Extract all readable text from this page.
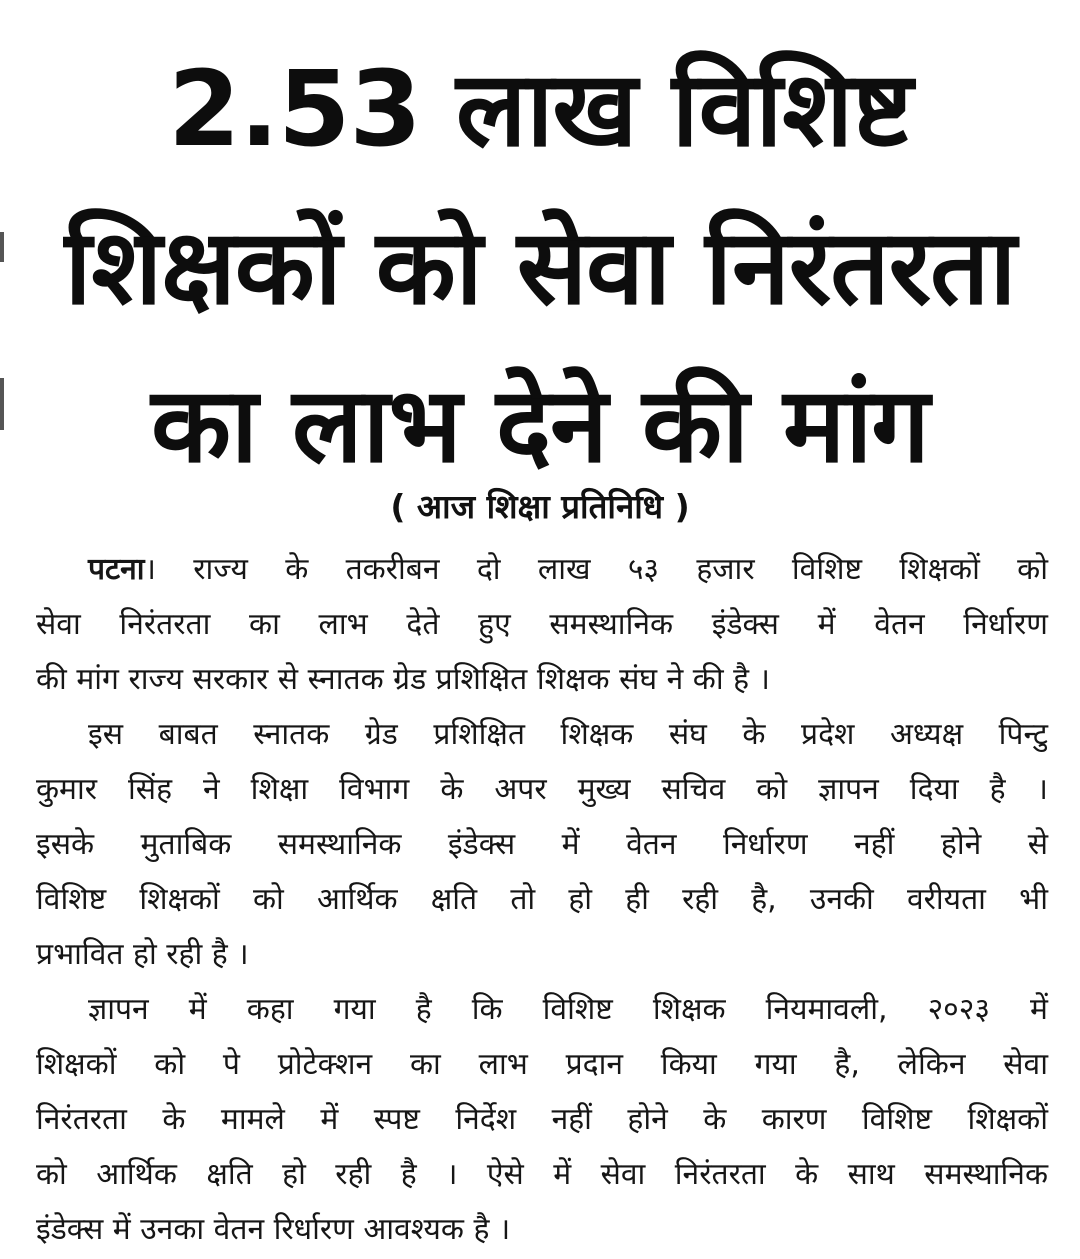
2.53 लाख विशिष्ट
शिक्षकों को सेवा निरंतरता
का लाभ देने की मांग
( आज शिक्षा प्रतिनिधि )
पटना। राज्य के तकरीबन दो लाख ५३ हजार विशिष्ट शिक्षकों को
सेवा निरंतरता का लाभ देते हुए समस्थानिक इंडेक्स में वेतन निर्धारण
की मांग राज्य सरकार से स्नातक ग्रेड प्रशिक्षित शिक्षक संघ ने की है ।
इस बाबत स्नातक ग्रेड प्रशिक्षित शिक्षक संघ के प्रदेश अध्यक्ष पिन्टु
कुमार सिंह ने शिक्षा विभाग के अपर मुख्य सचिव को ज्ञापन दिया है ।
इसके मुताबिक समस्थानिक इंडेक्स में वेतन निर्धारण नहीं होने से
विशिष्ट शिक्षकों को आर्थिक क्षति तो हो ही रही है, उनकी वरीयता भी
प्रभावित हो रही है ।
ज्ञापन में कहा गया है कि विशिष्ट शिक्षक नियमावली, २०२३ में
शिक्षकों को पे प्रोटेक्शन का लाभ प्रदान किया गया है, लेकिन सेवा
निरंतरता के मामले में स्पष्ट निर्देश नहीं होने के कारण विशिष्ट शिक्षकों
को आर्थिक क्षति हो रही है । ऐसे में सेवा निरंतरता के साथ समस्थानिक
इंडेक्स में उनका वेतन रिर्धारण आवश्यक है ।
